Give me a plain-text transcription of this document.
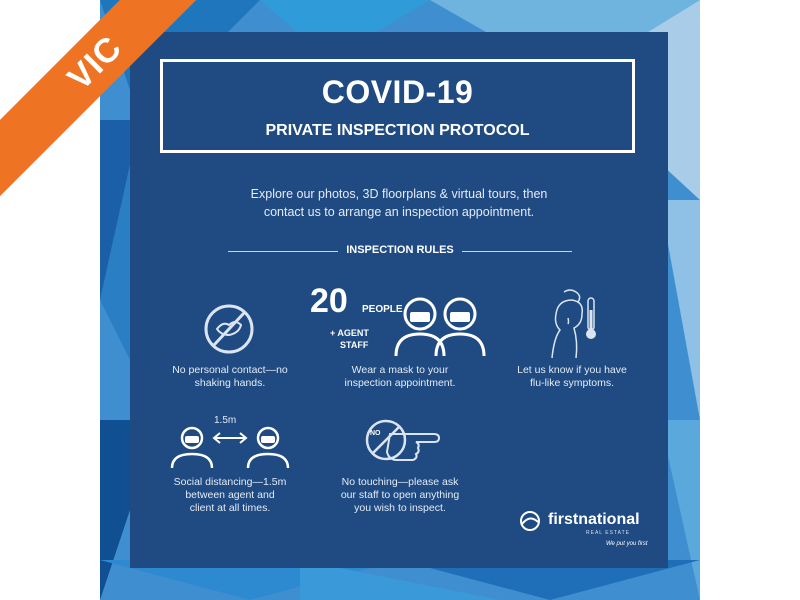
COVID-19
PRIVATE INSPECTION PROTOCOL
Explore our photos, 3D floorplans & virtual tours, then
contact us to arrange an inspection appointment.
INSPECTION RULES
No personal contact—no
shaking hands.
20 PEOPLE
+ AGENT
STAFF
Wear a mask to your
inspection appointment.
Let us know if you have
flu-like symptoms.
1.5m
Social distancing—1.5m
between agent and
client at all times.
NO
No touching—please ask
our staff to open anything
you wish to inspect.
firstnational
REAL ESTATE
We put you first
VIC
